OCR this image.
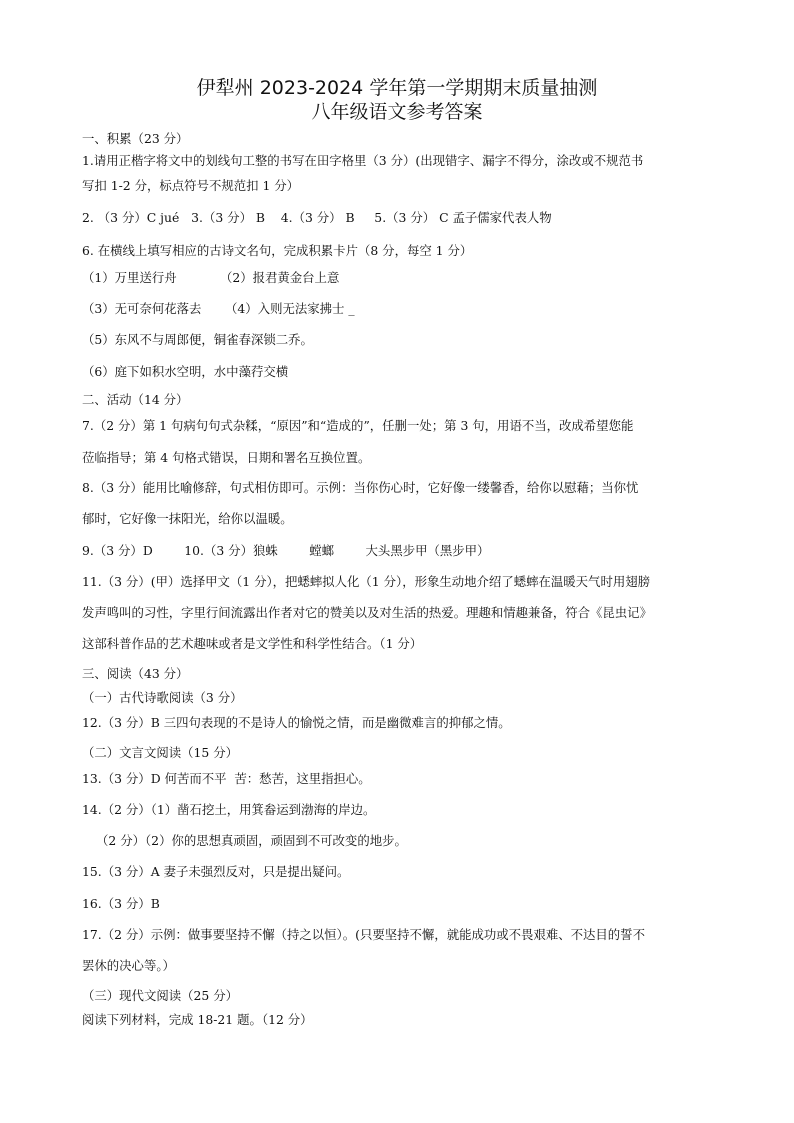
伊犁州 2023-2024 学年第一学期期末质量抽测
八年级语文参考答案
一、积累（23 分）
1.请用正楷字将文中的划线句工整的书写在田字格里（3 分）(出现错字、漏字不得分，涂改或不规范书
写扣 1-2 分，标点符号不规范扣 1 分）
2. （3 分）C jué   3.（3 分） B    4.（3 分） B     5.（3 分） C 孟子儒家代表人物
6. 在横线上填写相应的古诗文名句，完成积累卡片（8 分，每空 1 分）
（1）万里送行舟           （2）报君黄金台上意
（3）无可奈何花落去      （4）入则无法家拂士 _
（5）东风不与周郎便，铜雀春深锁二乔。
（6）庭下如积水空明，水中藻荇交横
二、活动（14 分）
7.（2 分）第 1 句病句句式杂糅，“原因”和“造成的”，任删一处；第 3 句，用语不当，改成希望您能
莅临指导；第 4 句格式错误，日期和署名互换位置。
8.（3 分）能用比喻修辞，句式相仿即可。示例：当你伤心时，它好像一缕馨香，给你以慰藉；当你忧
郁时，它好像一抹阳光，给你以温暖。
9.（3 分）D        10.（3 分）狼蛛        螳螂        大头黑步甲（黑步甲）
11.（3 分）(甲）选择甲文（1 分），把蟋蟀拟人化（1 分），形象生动地介绍了蟋蟀在温暖天气时用翅膀
发声鸣叫的习性，字里行间流露出作者对它的赞美以及对生活的热爱。理趣和情趣兼备，符合《昆虫记》
这部科普作品的艺术趣味或者是文学性和科学性结合。（1 分）
三、阅读（43 分）
（一）古代诗歌阅读（3 分）
12.（3 分）B 三四句表现的不是诗人的愉悦之情，而是幽微难言的抑郁之情。
（二）文言文阅读（15 分）
13.（3 分）D 何苦而不平  苦：愁苦，这里指担心。
14.（2 分）（1）凿石挖土，用箕畚运到渤海的岸边。
（2 分）（2）你的思想真顽固，顽固到不可改变的地步。
15.（3 分）A 妻子未强烈反对，只是提出疑问。
16.（3 分）B
17.（2 分）示例：做事要坚持不懈（持之以恒）。(只要坚持不懈，就能成功或不畏艰难、不达目的誓不
罢休的决心等。）
（三）现代文阅读（25 分）
阅读下列材料，完成 18-21 题。（12 分）
